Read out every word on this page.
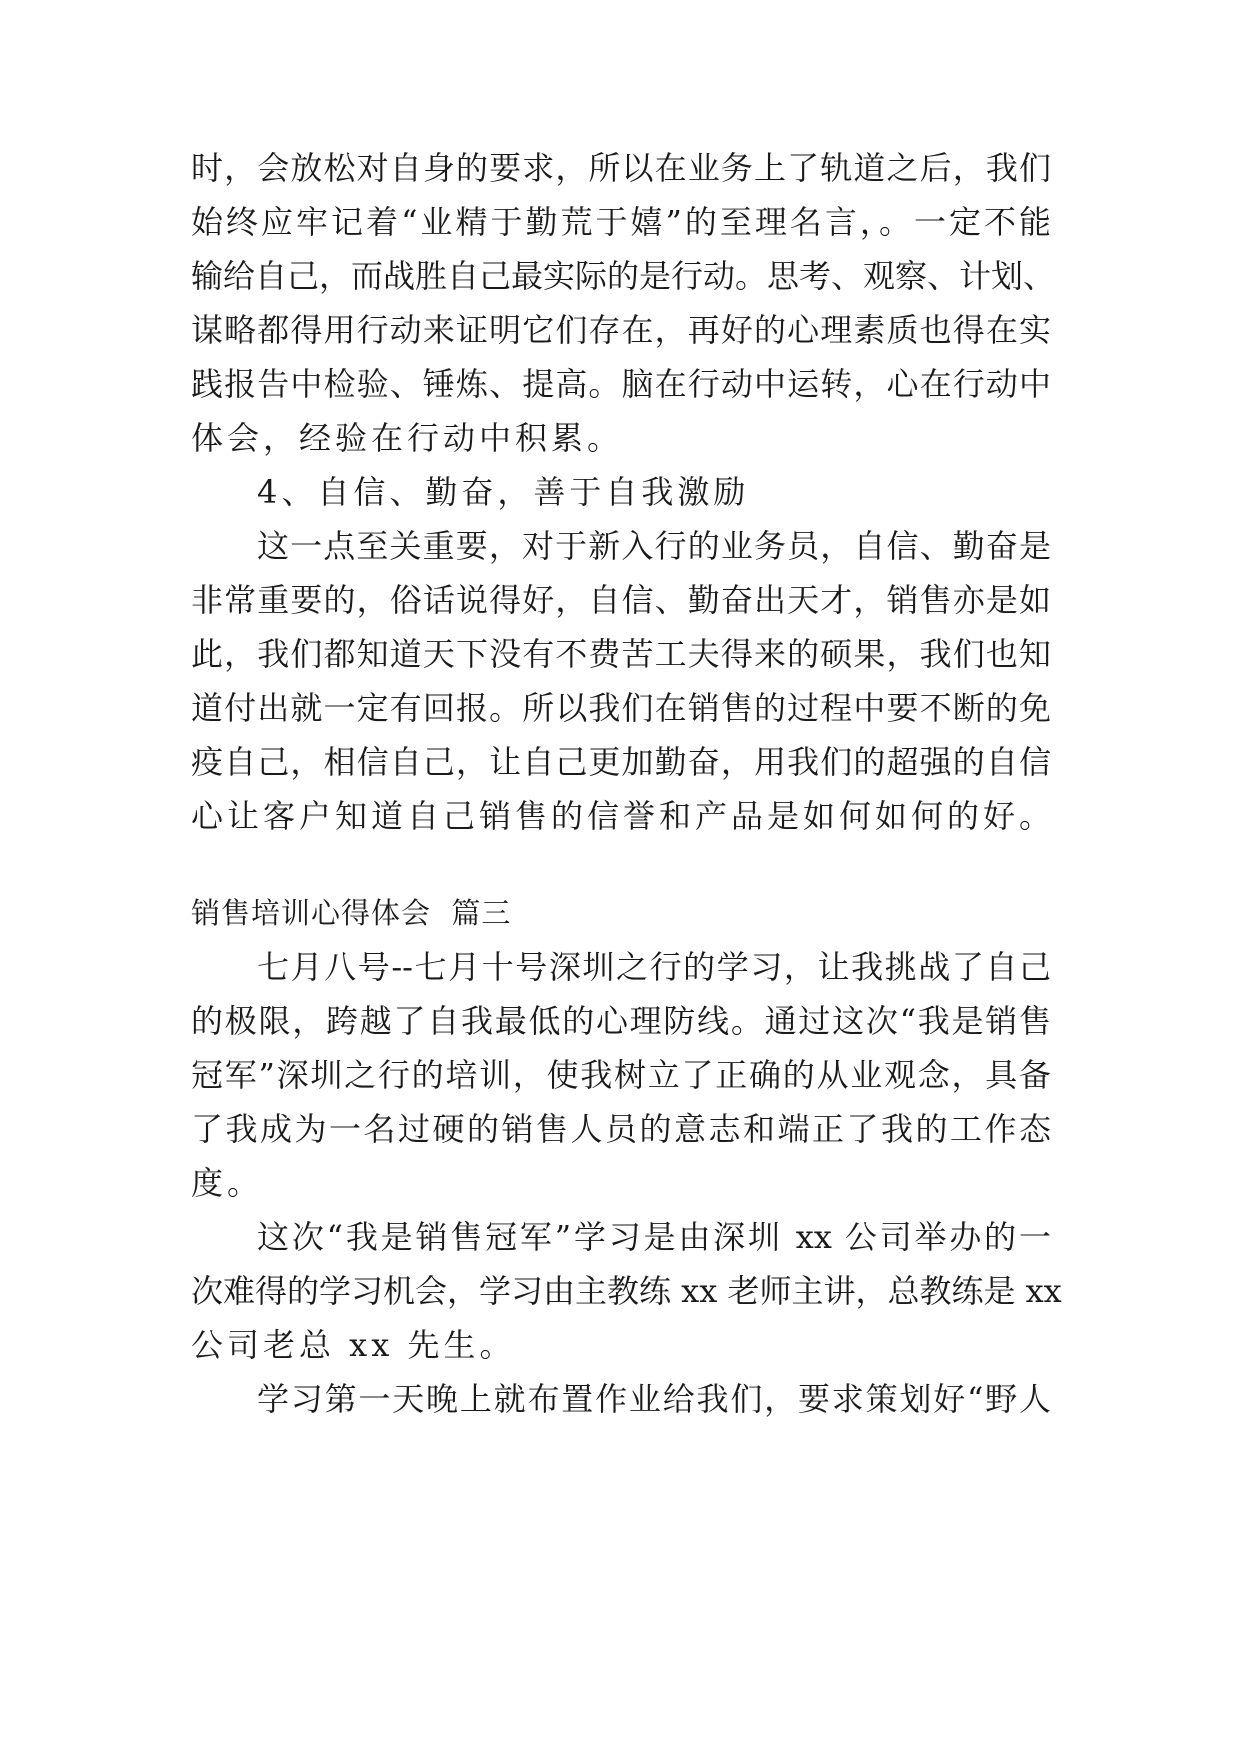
时，会放松对自身的要求，所以在业务上了轨道之后，我们
始终应牢记着“业精于勤荒于嬉”的至理名言，。一定不能
输给自己，而战胜自己最实际的是行动。思考、观察、计划、
谋略都得用行动来证明它们存在，再好的心理素质也得在实
践报告中检验、锤炼、提高。脑在行动中运转，心在行动中
体会，经验在行动中积累。
4、自信、勤奋，善于自我激励
这一点至关重要，对于新入行的业务员，自信、勤奋是
非常重要的，俗话说得好，自信、勤奋出天才，销售亦是如
此，我们都知道天下没有不费苦工夫得来的硕果，我们也知
道付出就一定有回报。所以我们在销售的过程中要不断的免
疫自己，相信自己，让自己更加勤奋，用我们的超强的自信
心让客户知道自己销售的信誉和产品是如何如何的好。
销售培训心得体会  篇三
七月八号--七月十号深圳之行的学习，让我挑战了自己
的极限，跨越了自我最低的心理防线。通过这次“我是销售
冠军”深圳之行的培训，使我树立了正确的从业观念，具备
了我成为一名过硬的销售人员的意志和端正了我的工作态
度。
这次“我是销售冠军”学习是由深圳 xx 公司举办的一
次难得的学习机会，学习由主教练 xx 老师主讲，总教练是 xx
公司老总 xx 先生。
学习第一天晚上就布置作业给我们，要求策划好“野人
